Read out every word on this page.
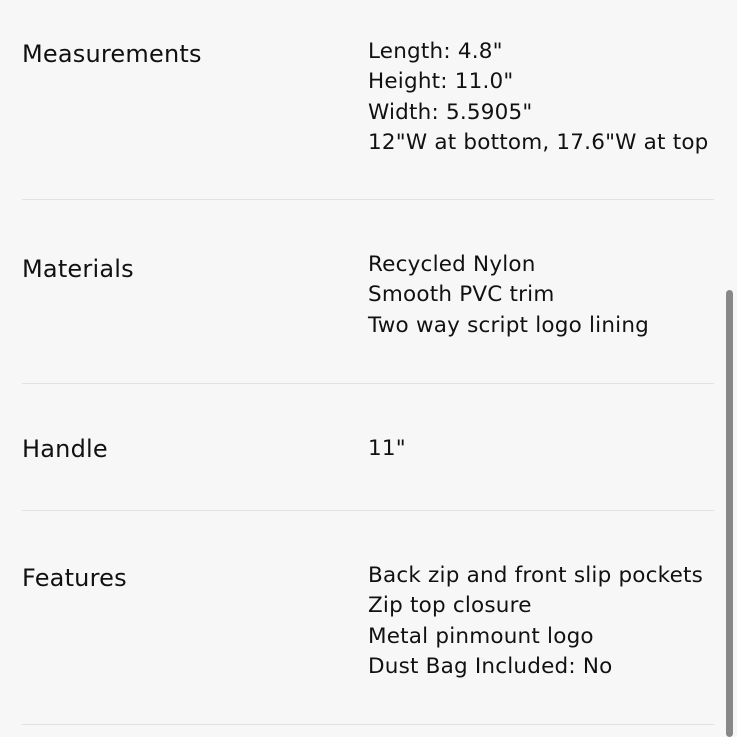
Measurements	Length: 4.8"
Height: 11.0"
Width: 5.5905"
12"W at bottom, 17.6"W at top
Materials	Recycled Nylon
Smooth PVC trim
Two way script logo lining
Handle	11"
Features	Back zip and front slip pockets
Zip top closure
Metal pinmount logo
Dust Bag Included: No
